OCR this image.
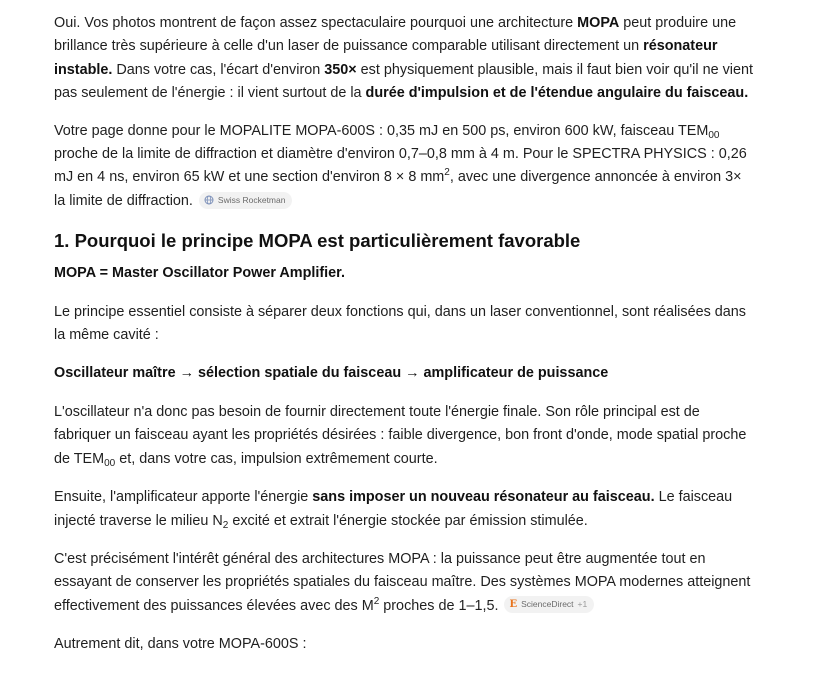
Oui. Vos photos montrent de façon assez spectaculaire pourquoi une architecture MOPA peut produire une brillance très supérieure à celle d'un laser de puissance comparable utilisant directement un résonateur instable. Dans votre cas, l'écart d'environ 350× est physiquement plausible, mais il faut bien voir qu'il ne vient pas seulement de l'énergie : il vient surtout de la durée d'impulsion et de l'étendue angulaire du faisceau.

Votre page donne pour le MOPALITE MOPA-600S : 0,35 mJ en 500 ps, environ 600 kW, faisceau $TEM_{00}$ proche de la limite de diffraction et diamètre d'environ 0,7–0,8 mm à 4 m. Pour le SPECTRA PHYSICS : 0,26 mJ en 4 ns, environ 65 kW et une section d'environ 8 × 8 $mm^2$, avec une divergence annoncée à environ 3× la limite de diffraction.	Swiss Rocketman

1. Pourquoi le principe MOPA est particulièrement favorable

MOPA = Master Oscillator Power Amplifier.

Le principe essentiel consiste à séparer deux fonctions qui, dans un laser conventionnel, sont réalisées dans la même cavité :

Oscillateur maître → sélection spatiale du faisceau → amplificateur de puissance

L'oscillateur n'a donc pas besoin de fournir directement toute l'énergie finale. Son rôle principal est de fabriquer un faisceau ayant les propriétés désirées : faible divergence, bon front d'onde, mode spatial proche de $TEM_{00}$ et, dans votre cas, impulsion extrêmement courte.

Ensuite, l'amplificateur apporte l'énergie sans imposer un nouveau résonateur au faisceau. Le faisceau injecté traverse le milieu $N_2$ excité et extrait l'énergie stockée par émission stimulée.

C'est précisément l'intérêt général des architectures MOPA : la puissance peut être augmentée tout en essayant de conserver les propriétés spatiales du faisceau maître. Des systèmes MOPA modernes atteignent effectivement des puissances élevées avec des $M^2$ proches de 1–1,5. E ScienceDirect +1

Autrement dit, dans votre MOPA-600S :
